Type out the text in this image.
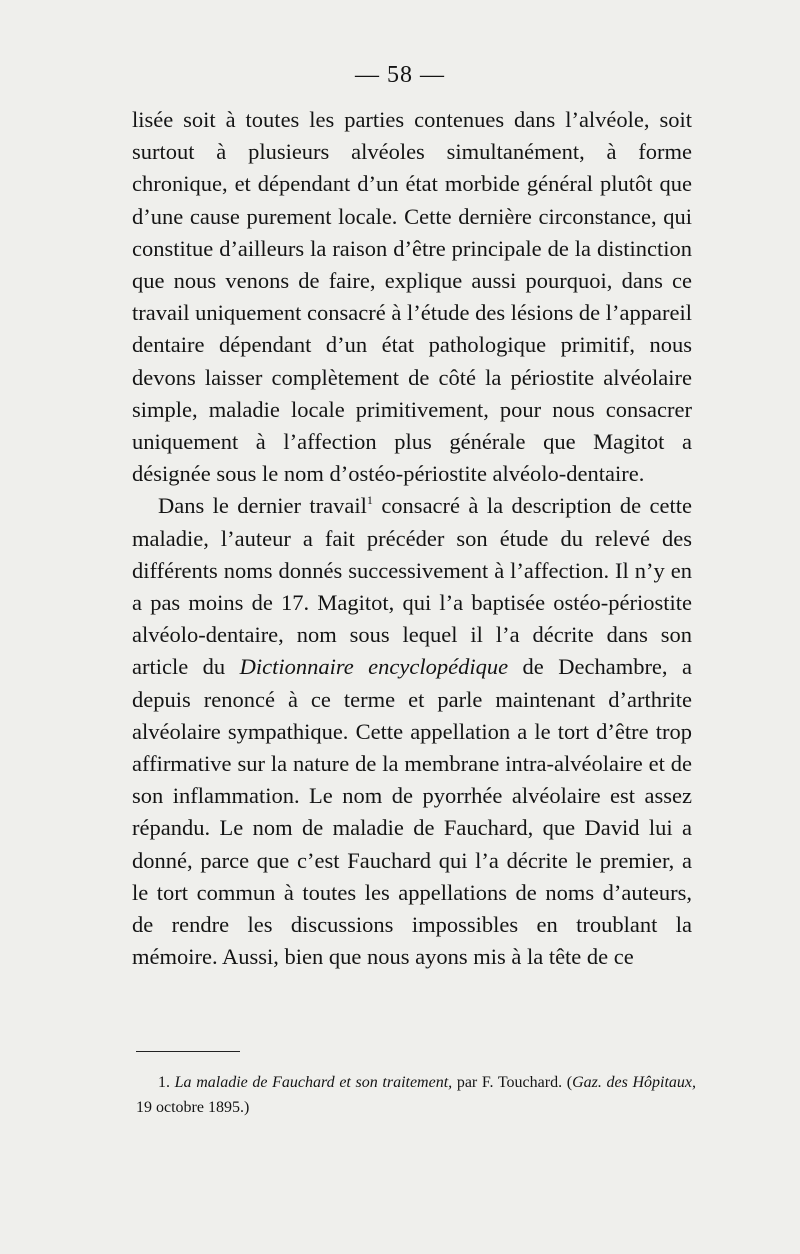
— 58 —

lisée soit à toutes les parties contenues dans l’alvéole, soit surtout à plusieurs alvéoles simultanément, à forme chronique, et dépendant d’un état morbide général plutôt que d’une cause purement locale. Cette dernière circonstance, qui constitue d’ailleurs la raison d’être principale de la distinction que nous venons de faire, explique aussi pourquoi, dans ce travail uniquement consacré à l’étude des lésions de l’appareil dentaire dépendant d’un état pathologique primitif, nous devons laisser complètement de côté la périostite alvéolaire simple, maladie locale primitivement, pour nous consacrer uniquement à l’affection plus générale que Magitot a désignée sous le nom d’ostéo-périostite alvéolo-dentaire.

Dans le dernier travail$^1$ consacré à la description de cette maladie, l’auteur a fait précéder son étude du relevé des différents noms donnés successivement à l’affection. Il n’y en a pas moins de 17. Magitot, qui l’a baptisée ostéo-périostite alvéolo-dentaire, nom sous lequel il l’a décrite dans son article du Dictionnaire encyclopédique de Dechambre, a depuis renoncé à ce terme et parle maintenant d’arthrite alvéolaire sympathique. Cette appellation a le tort d’être trop affirmative sur la nature de la membrane intra-alvéolaire et de son inflammation. Le nom de pyorrhée alvéolaire est assez répandu. Le nom de maladie de Fauchard, que David lui a donné, parce que c’est Fauchard qui l’a décrite le premier, a le tort commun à toutes les appellations de noms d’auteurs, de rendre les discussions impossibles en troublant la mémoire. Aussi, bien que nous ayons mis à la tête de ce

1. La maladie de Fauchard et son traitement, par F. Touchard. (Gaz. des Hôpitaux, 19 octobre 1895.)
